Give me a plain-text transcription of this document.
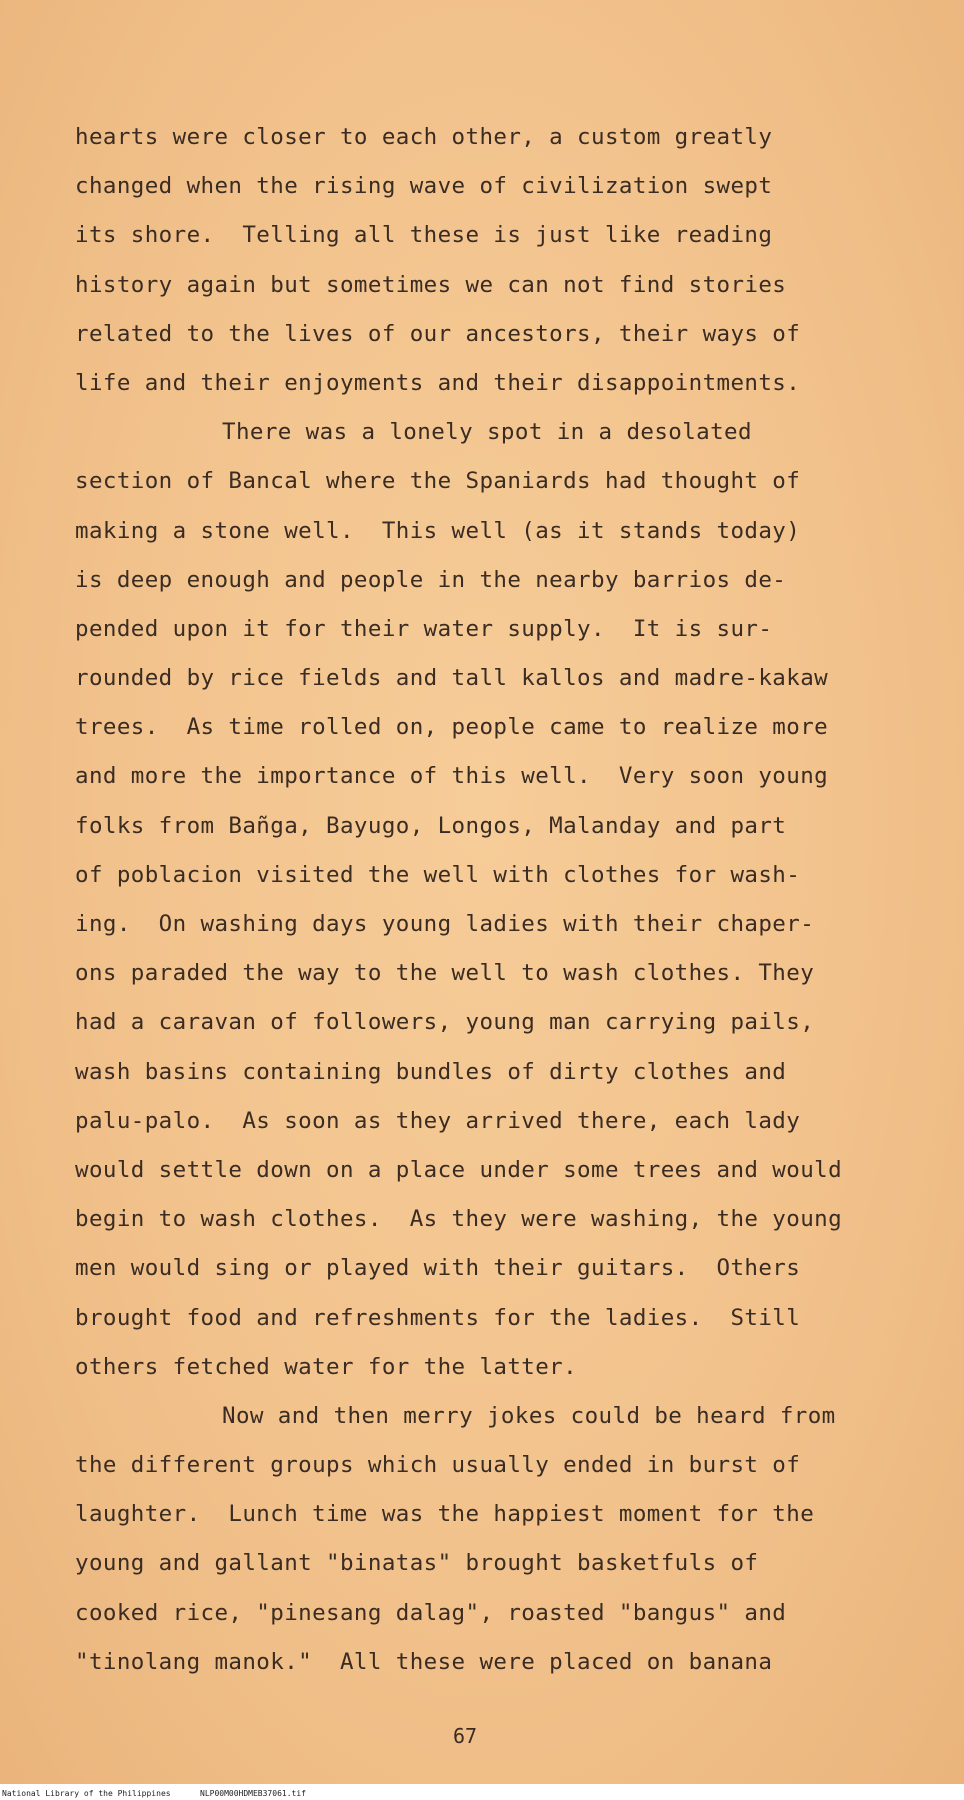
hearts were closer to each other, a custom greatly
changed when the rising wave of civilization swept
its shore.  Telling all these is just like reading
history again but sometimes we can not find stories
related to the lives of our ancestors, their ways of
life and their enjoyments and their disappointments.
There was a lonely spot in a desolated
section of Bancal where the Spaniards had thought of
making a stone well.  This well (as it stands today)
is deep enough and people in the nearby barrios de-
pended upon it for their water supply.  It is sur-
rounded by rice fields and tall kallos and madre-kakaw
trees.  As time rolled on, people came to realize more
and more the importance of this well.  Very soon young
folks from Bañga, Bayugo, Longos, Malanday and part
of poblacion visited the well with clothes for wash-
ing.  On washing days young ladies with their chaper-
ons paraded the way to the well to wash clothes. They
had a caravan of followers, young man carrying pails,
wash basins containing bundles of dirty clothes and
palu-palo.  As soon as they arrived there, each lady
would settle down on a place under some trees and would
begin to wash clothes.  As they were washing, the young
men would sing or played with their guitars.  Others
brought food and refreshments for the ladies.  Still
others fetched water for the latter.
Now and then merry jokes could be heard from
the different groups which usually ended in burst of
laughter.  Lunch time was the happiest moment for the
young and gallant "binatas" brought basketfuls of
cooked rice, "pinesang dalag", roasted "bangus" and
"tinolang manok."  All these were placed on banana
67
National Library of the Philippines	NLP00M00HDMEB37061.tif
